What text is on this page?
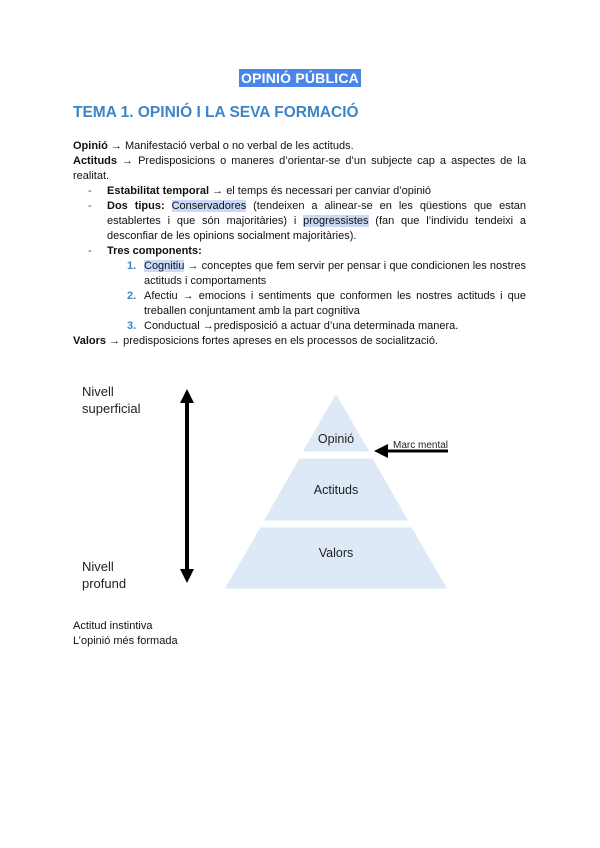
OPINIÓ PÚBLICA
TEMA 1. OPINIÓ I LA SEVA FORMACIÓ

Opinió → Manifestació verbal o no verbal de les actituds.

Actituds → Predisposicions o maneres d’orientar-se d’un subjecte cap a aspectes de la realitat.

- Estabilitat temporal → el temps és necessari per canviar d’opinió
- Dos tipus: Conservadores (tendeixen a alinear-se en les qüestions que estan establertes i que són majoritàries) i progressistes (fan que l’individu tendeixi a desconfiar de les opinions socialment majoritàries).
- Tres components:
1. Cognitiu → conceptes que fem servir per pensar i que condicionen les nostres actituds i comportaments
2. Afectiu → emocions i sentiments que conformen les nostres actituds i que treballen conjuntament amb la part cognitiva
3. Conductual →predisposició a actuar d’una determinada manera.

Valors → predisposicions fortes apreses en els processos de socialització.

Nivell
superficial
Nivell
profund
Opinió
Actituds
Valors
Marc mental
Actitud instintiva
L’opinió més formada
